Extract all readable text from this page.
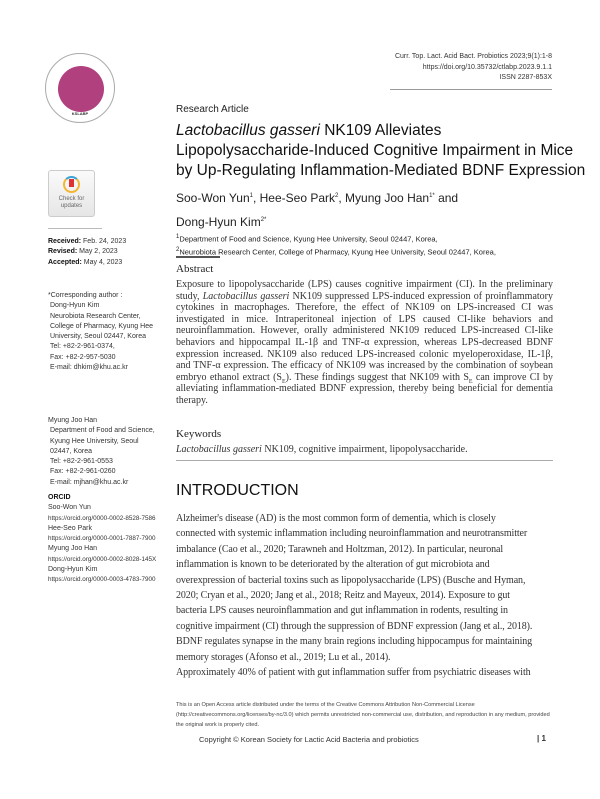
KSLABP
Curr. Top. Lact. Acid Bact. Probiotics 2023;9(1):1-8
https://doi.org/10.35732/ctlabp.2023.9.1.1
ISSN 2287-853X
Check for updates
Received: Feb. 24, 2023
Revised: May 2, 2023
Accepted: May 4, 2023
*Corresponding author :
Dong-Hyun Kim
Neurobiota Research Center,
College of Pharmacy, Kyung Hee
University, Seoul 02447, Korea
Tel: +82-2-961-0374,
Fax: +82-2-957-5030
E-mail: dhkim@khu.ac.kr
Myung Joo Han
Department of Food and Science,
Kyung Hee University, Seoul
02447, Korea
Tel: +82-2-961-0553
Fax: +82-2-961-0260
E-mail: mjhan@khu.ac.kr
ORCID
Soo-Won Yun
https://orcid.org/0000-0002-8528-7586
Hee-Seo Park
https://orcid.org/0000-0001-7887-7900
Myung Joo Han
https://orcid.org/0000-0002-8028-145X
Dong-Hyun Kim
https://orcid.org/0000-0003-4783-7900
Research Article
Lactobacillus gasseri NK109 Alleviates
Lipopolysaccharide-Induced Cognitive Impairment in Mice
by Up-Regulating Inflammation-Mediated BDNF Expression
Soo-Won Yun$^1$, Hee-Seo Park$^2$, Myung Joo Han$^{1*}$ and
Dong-Hyun Kim$^{2*}$
$^1$Department of Food and Science, Kyung Hee University, Seoul 02447, Korea,
$^2$Neurobiota Research Center, College of Pharmacy, Kyung Hee University, Seoul 02447, Korea,
Abstract
Exposure to lipopolysaccharide (LPS) causes cognitive impairment (CI). In the preliminary study, Lactobacillus gasseri NK109 suppressed LPS-induced expression of proinflammatory cytokines in macrophages. Therefore, the effect of NK109 on LPS-increased CI was investigated in mice. Intraperitoneal injection of LPS caused CI-like behaviors and neuroinflammation. However, orally administered NK109 reduced LPS-increased CI-like behaviors and hippocampal IL-1β and TNF-α expression, whereas LPS-decreased BDNF expression increased. NK109 also reduced LPS-increased colonic myeloperoxidase, IL-1β, and TNF-α expression. The efficacy of NK109 was increased by the combination of soybean embryo ethanol extract $(S_E)$. These findings suggest that NK109 with $S_E$ can improve CI by alleviating inflammation-mediated BDNF expression, thereby being beneficial for dementia therapy.
Keywords
Lactobacillus gasseri NK109, cognitive impairment, lipopolysaccharide.
INTRODUCTION

Alzheimer's disease (AD) is the most common form of dementia, which is closely

connected with systemic inflammation including neuroinflammation and neurotransmitter

imbalance (Cao et al., 2020; Tarawneh and Holtzman, 2012). In particular, neuronal

inflammation is known to be deteriorated by the alteration of gut microbiota and

overexpression of bacterial toxins such as lipopolysaccharide (LPS) (Busche and Hyman,

2020; Cryan et al., 2020; Jang et al., 2018; Reitz and Mayeux, 2014). Exposure to gut

bacteria LPS causes neuroinflammation and gut inflammation in rodents, resulting in

cognitive impairment (CI) through the suppression of BDNF expression (Jang et al., 2018).

BDNF regulates synapse in the many brain regions including hippocampus for maintaining

memory storages (Afonso et al., 2019; Lu et al., 2014).

Approximately 40% of patient with gut inflammation suffer from psychiatric diseases with

This is an Open Access article distributed under the terms of the Creative Commons Attribution Non-Commercial License (http://creativecommons.org/licenses/by-nc/3.0) which permits unrestricted non-commercial use, distribution, and reproduction in any medium, provided the original work is properly cited.
Copyright © Korean Society for Lactic Acid Bacteria and probiotics	| 1
